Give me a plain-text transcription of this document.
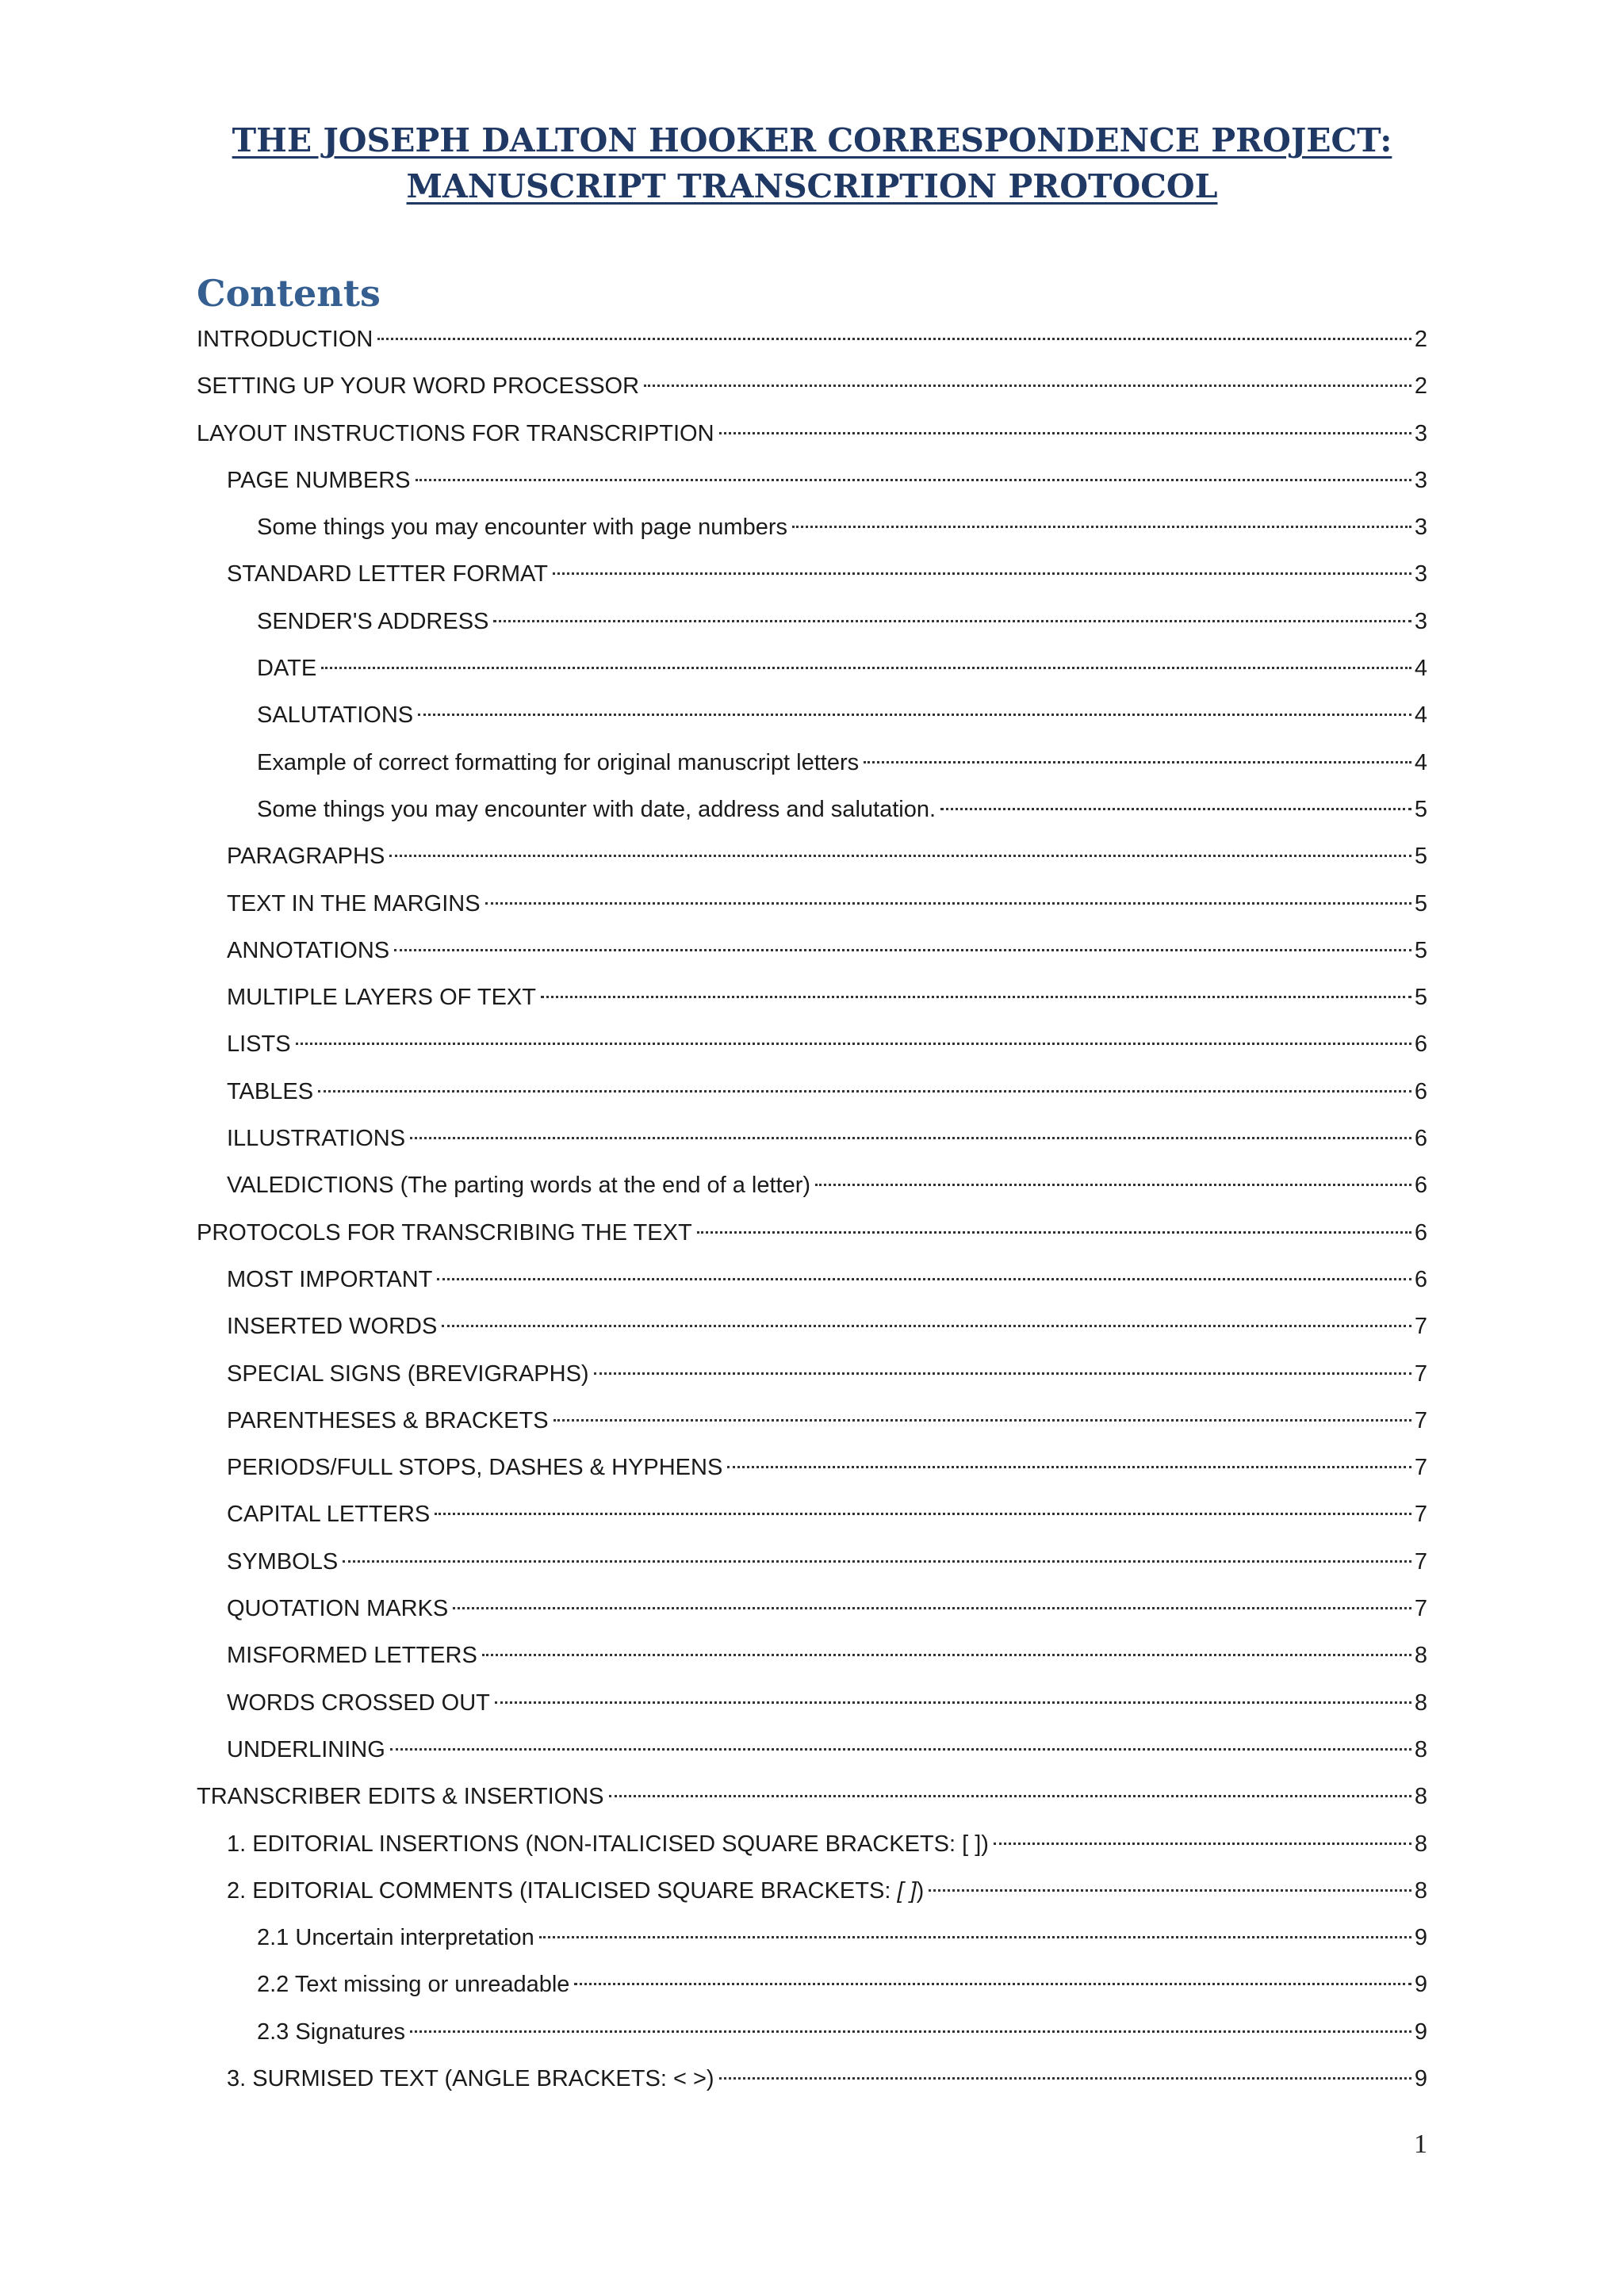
THE JOSEPH DALTON HOOKER CORRESPONDENCE PROJECT:
MANUSCRIPT TRANSCRIPTION PROTOCOL
Contents
INTRODUCTION	2
SETTING UP YOUR WORD PROCESSOR	2
LAYOUT INSTRUCTIONS FOR TRANSCRIPTION	3
PAGE NUMBERS	3
Some things you may encounter with page numbers	3
STANDARD LETTER FORMAT	3
SENDER'S ADDRESS	3
DATE	4
SALUTATIONS	4
Example of correct formatting for original manuscript letters	4
Some things you may encounter with date, address and salutation.	5
PARAGRAPHS	5
TEXT IN THE MARGINS	5
ANNOTATIONS	5
MULTIPLE LAYERS OF TEXT	5
LISTS	6
TABLES	6
ILLUSTRATIONS	6
VALEDICTIONS (The parting words at the end of a letter)	6
PROTOCOLS FOR TRANSCRIBING THE TEXT	6
MOST IMPORTANT	6
INSERTED WORDS	7
SPECIAL SIGNS (BREVIGRAPHS)	7
PARENTHESES & BRACKETS	7
PERIODS/FULL STOPS, DASHES & HYPHENS	7
CAPITAL LETTERS	7
SYMBOLS	7
QUOTATION MARKS	7
MISFORMED LETTERS	8
WORDS CROSSED OUT	8
UNDERLINING	8
TRANSCRIBER EDITS & INSERTIONS	8
1. EDITORIAL INSERTIONS (NON-ITALICISED SQUARE BRACKETS: [ ])	8
2. EDITORIAL COMMENTS (ITALICISED SQUARE BRACKETS: [ ])	8
2.1 Uncertain interpretation	9
2.2 Text missing or unreadable	9
2.3 Signatures	9
3. SURMISED TEXT (ANGLE BRACKETS: < >)	9
1
